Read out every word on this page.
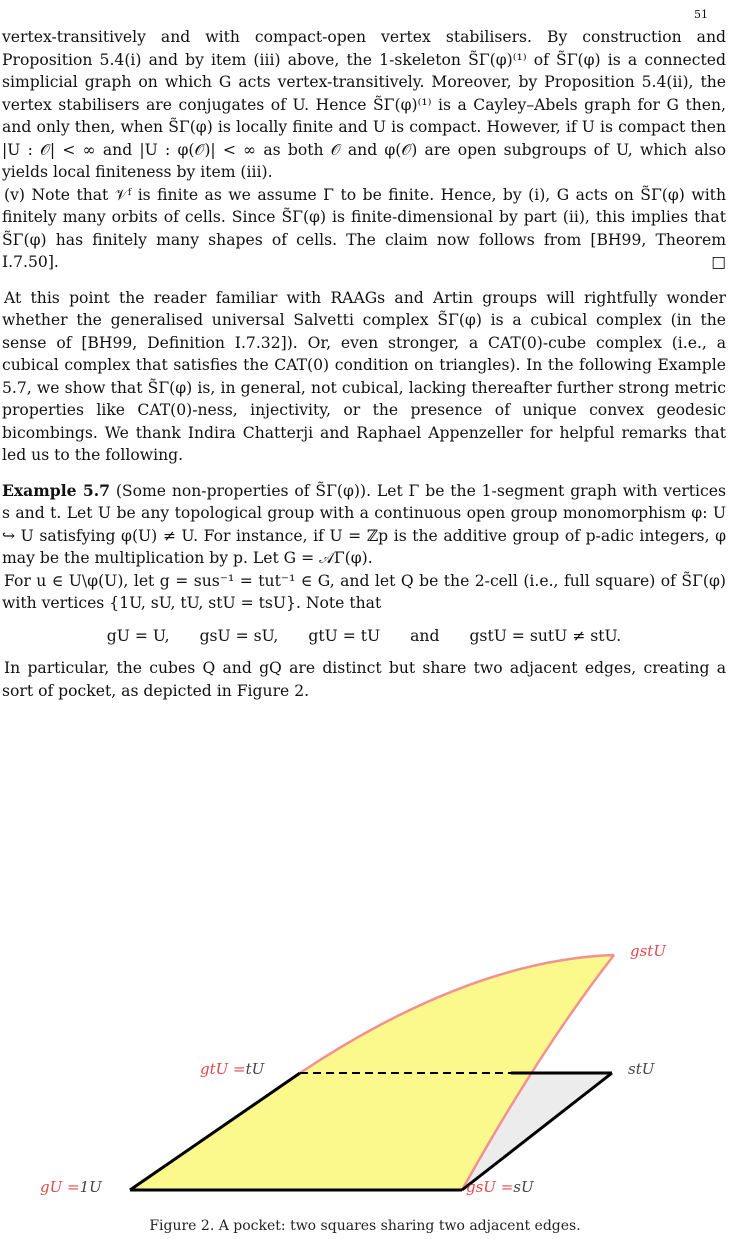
51

vertex-transitively and with compact-open vertex stabilisers. By construction and Proposition 5.4(i) and by item (iii) above, the 1-skeleton S̃Γ(φ)⁽¹⁾ of S̃Γ(φ) is a connected simplicial graph on which G acts vertex-transitively. Moreover, by Proposition 5.4(ii), the vertex stabilisers are conjugates of U. Hence S̃Γ(φ)⁽¹⁾ is a Cayley–Abels graph for G then, and only then, when S̃Γ(φ) is locally finite and U is compact. However, if U is compact then |U : 𝒪| < ∞ and |U : φ(𝒪)| < ∞ as both 𝒪 and φ(𝒪) are open subgroups of U, which also yields local finiteness by item (iii).

(v) Note that 𝒱ᶠ is finite as we assume Γ to be finite. Hence, by (i), G acts on S̃Γ(φ) with finitely many orbits of cells. Since S̃Γ(φ) is finite-dimensional by part (ii), this implies that S̃Γ(φ) has finitely many shapes of cells. The claim now follows from [BH99, Theorem I.7.50].	□

At this point the reader familiar with RAAGs and Artin groups will rightfully wonder whether the generalised universal Salvetti complex S̃Γ(φ) is a cubical complex (in the sense of [BH99, Definition I.7.32]). Or, even stronger, a CAT(0)-cube complex (i.e., a cubical complex that satisfies the CAT(0) condition on triangles). In the following Example 5.7, we show that S̃Γ(φ) is, in general, not cubical, lacking thereafter further strong metric properties like CAT(0)-ness, injectivity, or the presence of unique convex geodesic bicombings. We thank Indira Chatterji and Raphael Appenzeller for helpful remarks that led us to the following.

Example 5.7 (Some non-properties of S̃Γ(φ)). Let Γ be the 1-segment graph with vertices s and t. Let U be any topological group with a continuous open group monomorphism φ: U ↪ U satisfying φ(U) ≠ U. For instance, if U = ℤp is the additive group of p-adic integers, φ may be the multiplication by p. Let G = 𝒜Γ(φ).

For u ∈ U\φ(U), let g = sus⁻¹ = tut⁻¹ ∈ G, and let Q be the 2-cell (i.e., full square) of S̃Γ(φ) with vertices {1U, sU, tU, stU = tsU}. Note that

gU = U, gsU = sU, gtU = tU and gstU = sutU ≠ stU.

In particular, the cubes Q and gQ are distinct but share two adjacent edges, creating a sort of pocket, as depicted in Figure 2.

gstU
gtU =tU	stU
gU =1U	gsU =sU
Figure 2. A pocket: two squares sharing two adjacent edges.
